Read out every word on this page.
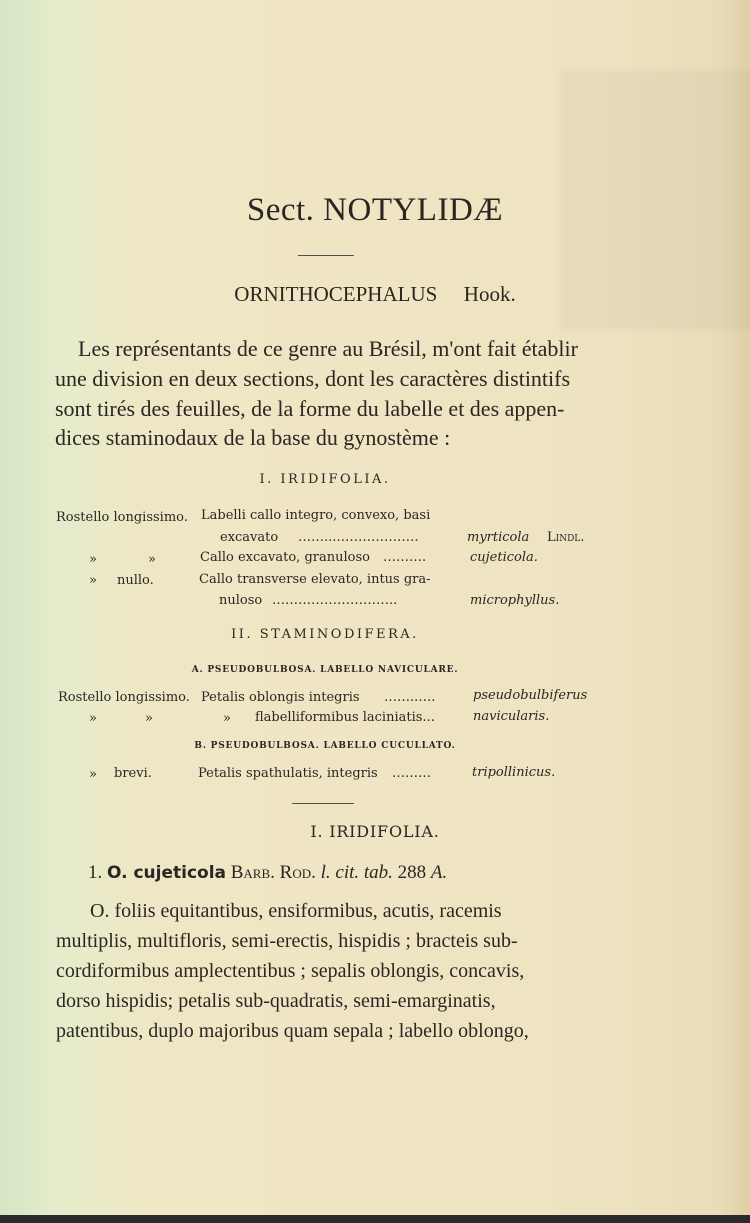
Sect. NOTYLIDÆ
ORNITHOCEPHALUS Hook.
Les représentants de ce genre au Brésil, m'ont fait établir
une division en deux sections, dont les caractères distintifs
sont tirés des feuilles, de la forme du labelle et des appen-
dices staminodaux de la base du gynostème :
I. IRIDIFOLIA.
Rostello longissimo. Labelli callo integro, convexo, basi
excavato ……...……………….	myrticola Lindl.
»	»	Callo excavato, granuloso ……….	cujeticola.
» nullo.	Callo transverse elevato, intus gra-
nuloso ………………………..	microphyllus.
II. STAMINODIFERA.
A. PSEUDOBULBOSA. LABELLO NAVICULARE.
Rostello longissimo. Petalis oblongis integris ……..….	pseudobulbiferus
»	»	» flabelliformibus laciniatis...	navicularis.
B. PSEUDOBULBOSA. LABELLO CUCULLATO.
» brevi.	Petalis spathulatis, integris ………	tripollinicus.
I. IRIDIFOLIA.
1. O. cujeticola Barb. Rod. l. cit. tab. 288 A.
O. foliis equitantibus, ensiformibus, acutis, racemis
multiplis, multifloris, semi-erectis, hispidis ; bracteis sub-
cordiformibus amplectentibus ; sepalis oblongis, concavis,
dorso hispidis; petalis sub-quadratis, semi-emarginatis,
patentibus, duplo majoribus quam sepala ; labello oblongo,
